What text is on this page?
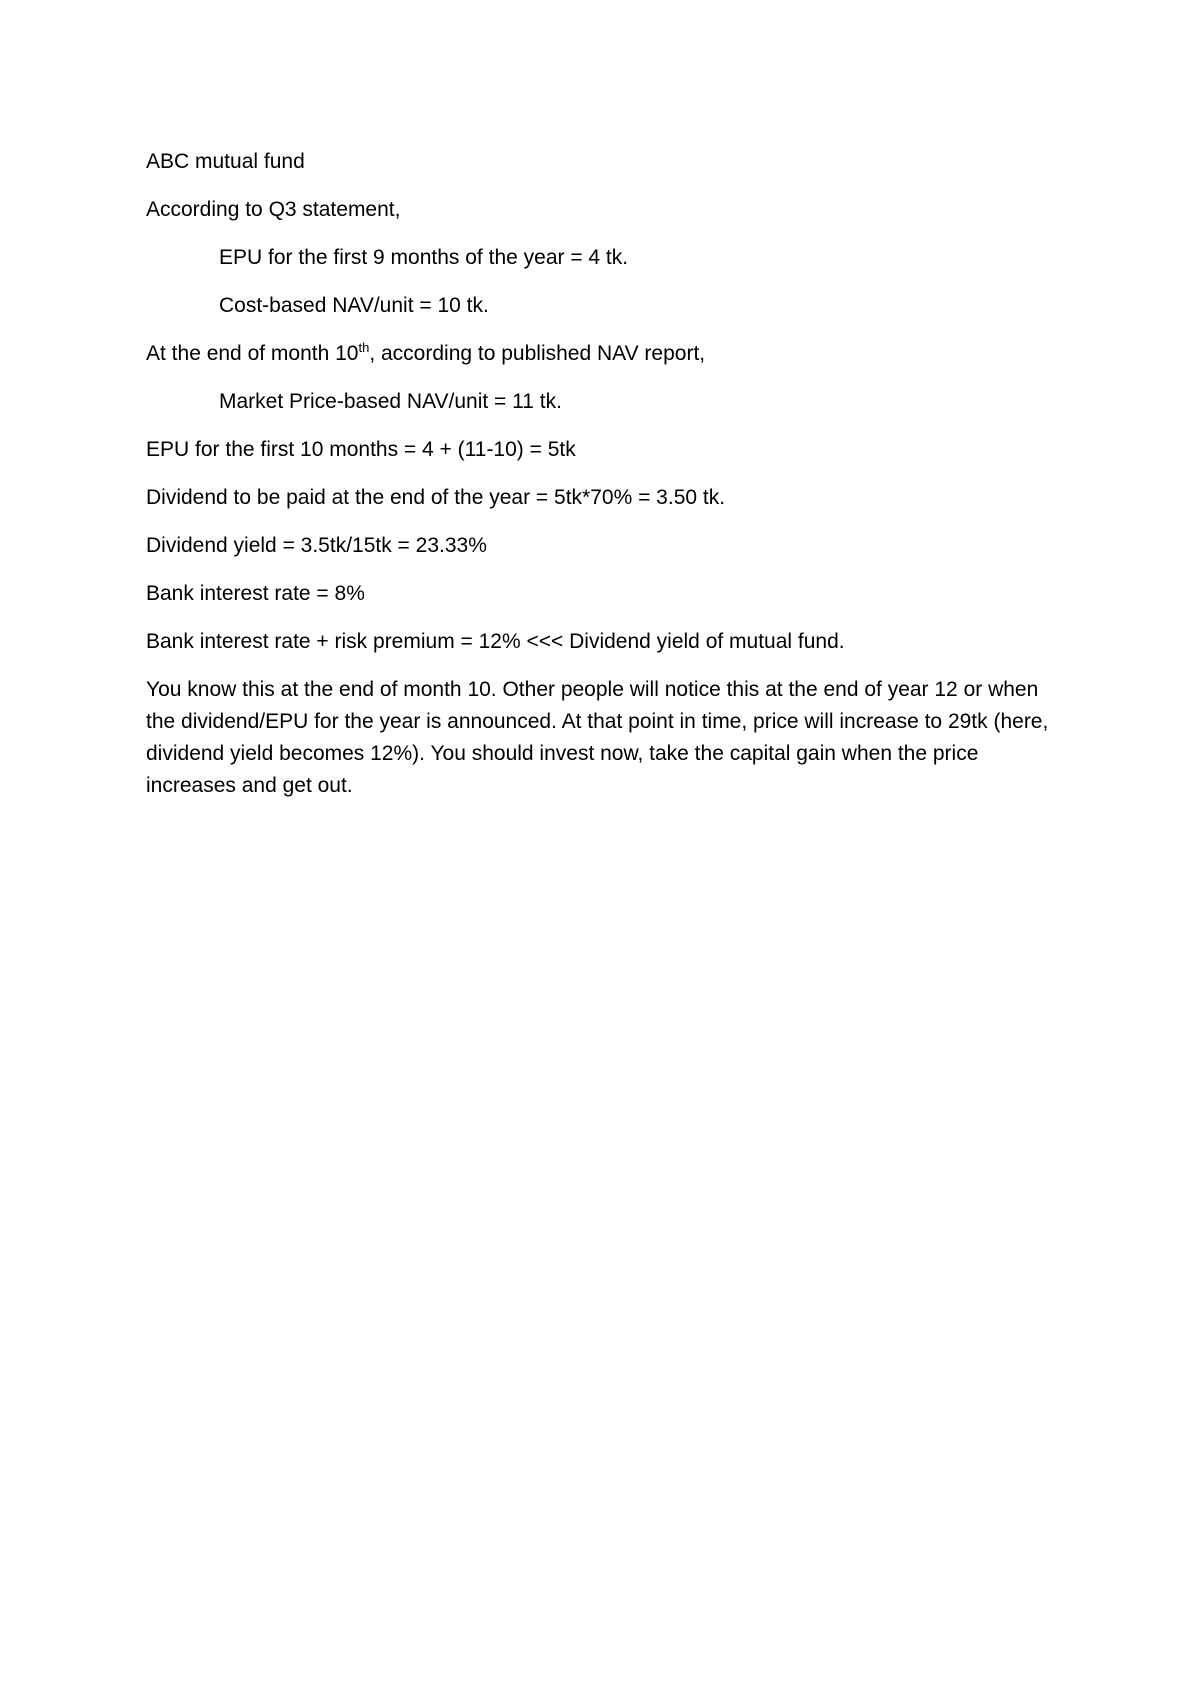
ABC mutual fund

According to Q3 statement,

EPU for the first 9 months of the year = 4 tk.

Cost-based NAV/unit = 10 tk.

At the end of month 10th, according to published NAV report,

Market Price-based NAV/unit = 11 tk.

EPU for the first 10 months = 4 + (11-10) = 5tk

Dividend to be paid at the end of the year = 5tk*70% = 3.50 tk.

Dividend yield = 3.5tk/15tk = 23.33%

Bank interest rate = 8%

Bank interest rate + risk premium = 12% <<< Dividend yield of mutual fund.

You know this at the end of month 10. Other people will notice this at the end of year 12 or when the dividend/EPU for the year is announced. At that point in time, price will increase to 29tk (here, dividend yield becomes 12%). You should invest now, take the capital gain when the price increases and get out.
